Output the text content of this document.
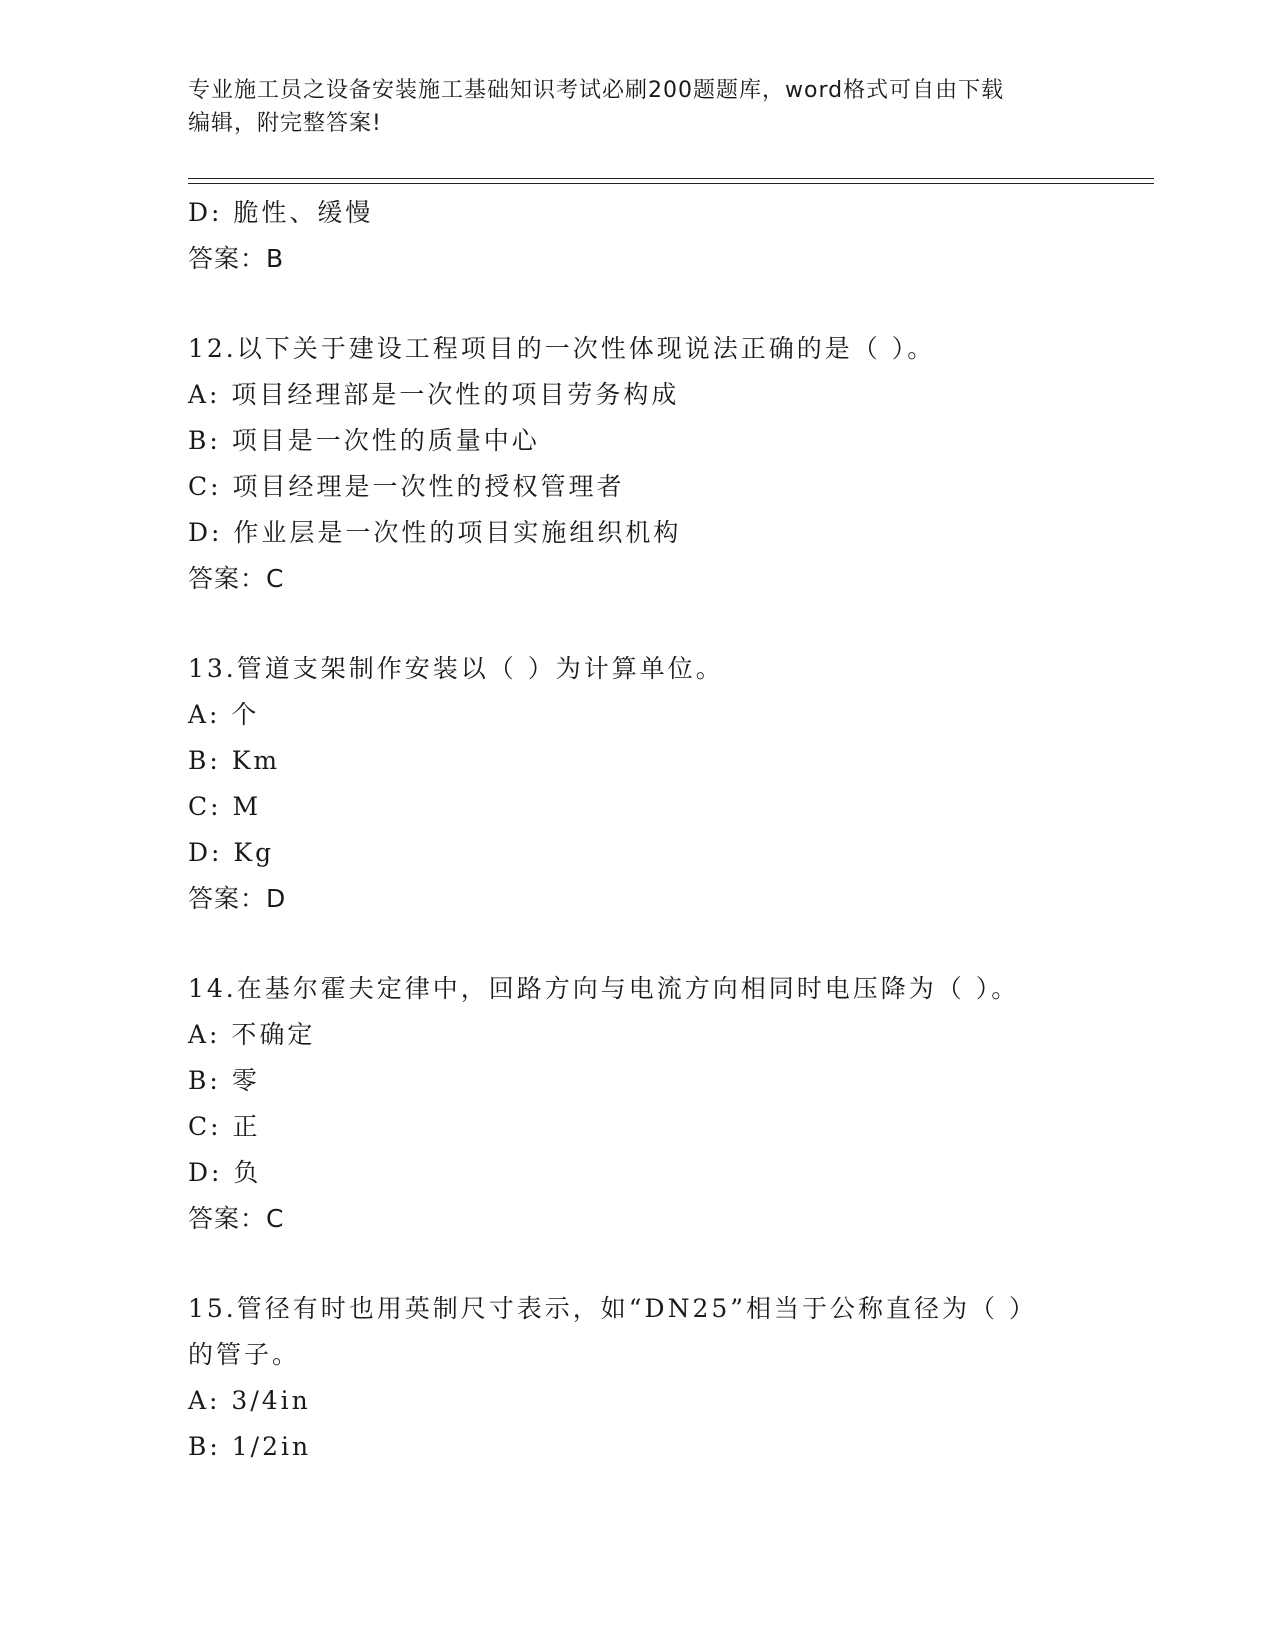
专业施工员之设备安装施工基础知识考试必刷200题题库，word格式可自由下载
编辑，附完整答案!
D: 脆性、缓慢
答案：B
12.以下关于建设工程项目的一次性体现说法正确的是（ ）。
A: 项目经理部是一次性的项目劳务构成
B: 项目是一次性的质量中心
C: 项目经理是一次性的授权管理者
D: 作业层是一次性的项目实施组织机构
答案：C
13.管道支架制作安装以（ ）为计算单位。
A: 个
B: Km
C: M
D: Kg
答案：D
14.在基尔霍夫定律中，回路方向与电流方向相同时电压降为（ ）。
A: 不确定
B: 零
C: 正
D: 负
答案：C
15.管径有时也用英制尺寸表示，如“DN25”相当于公称直径为（ ）
的管子。
A: 3/4in
B: 1/2in
